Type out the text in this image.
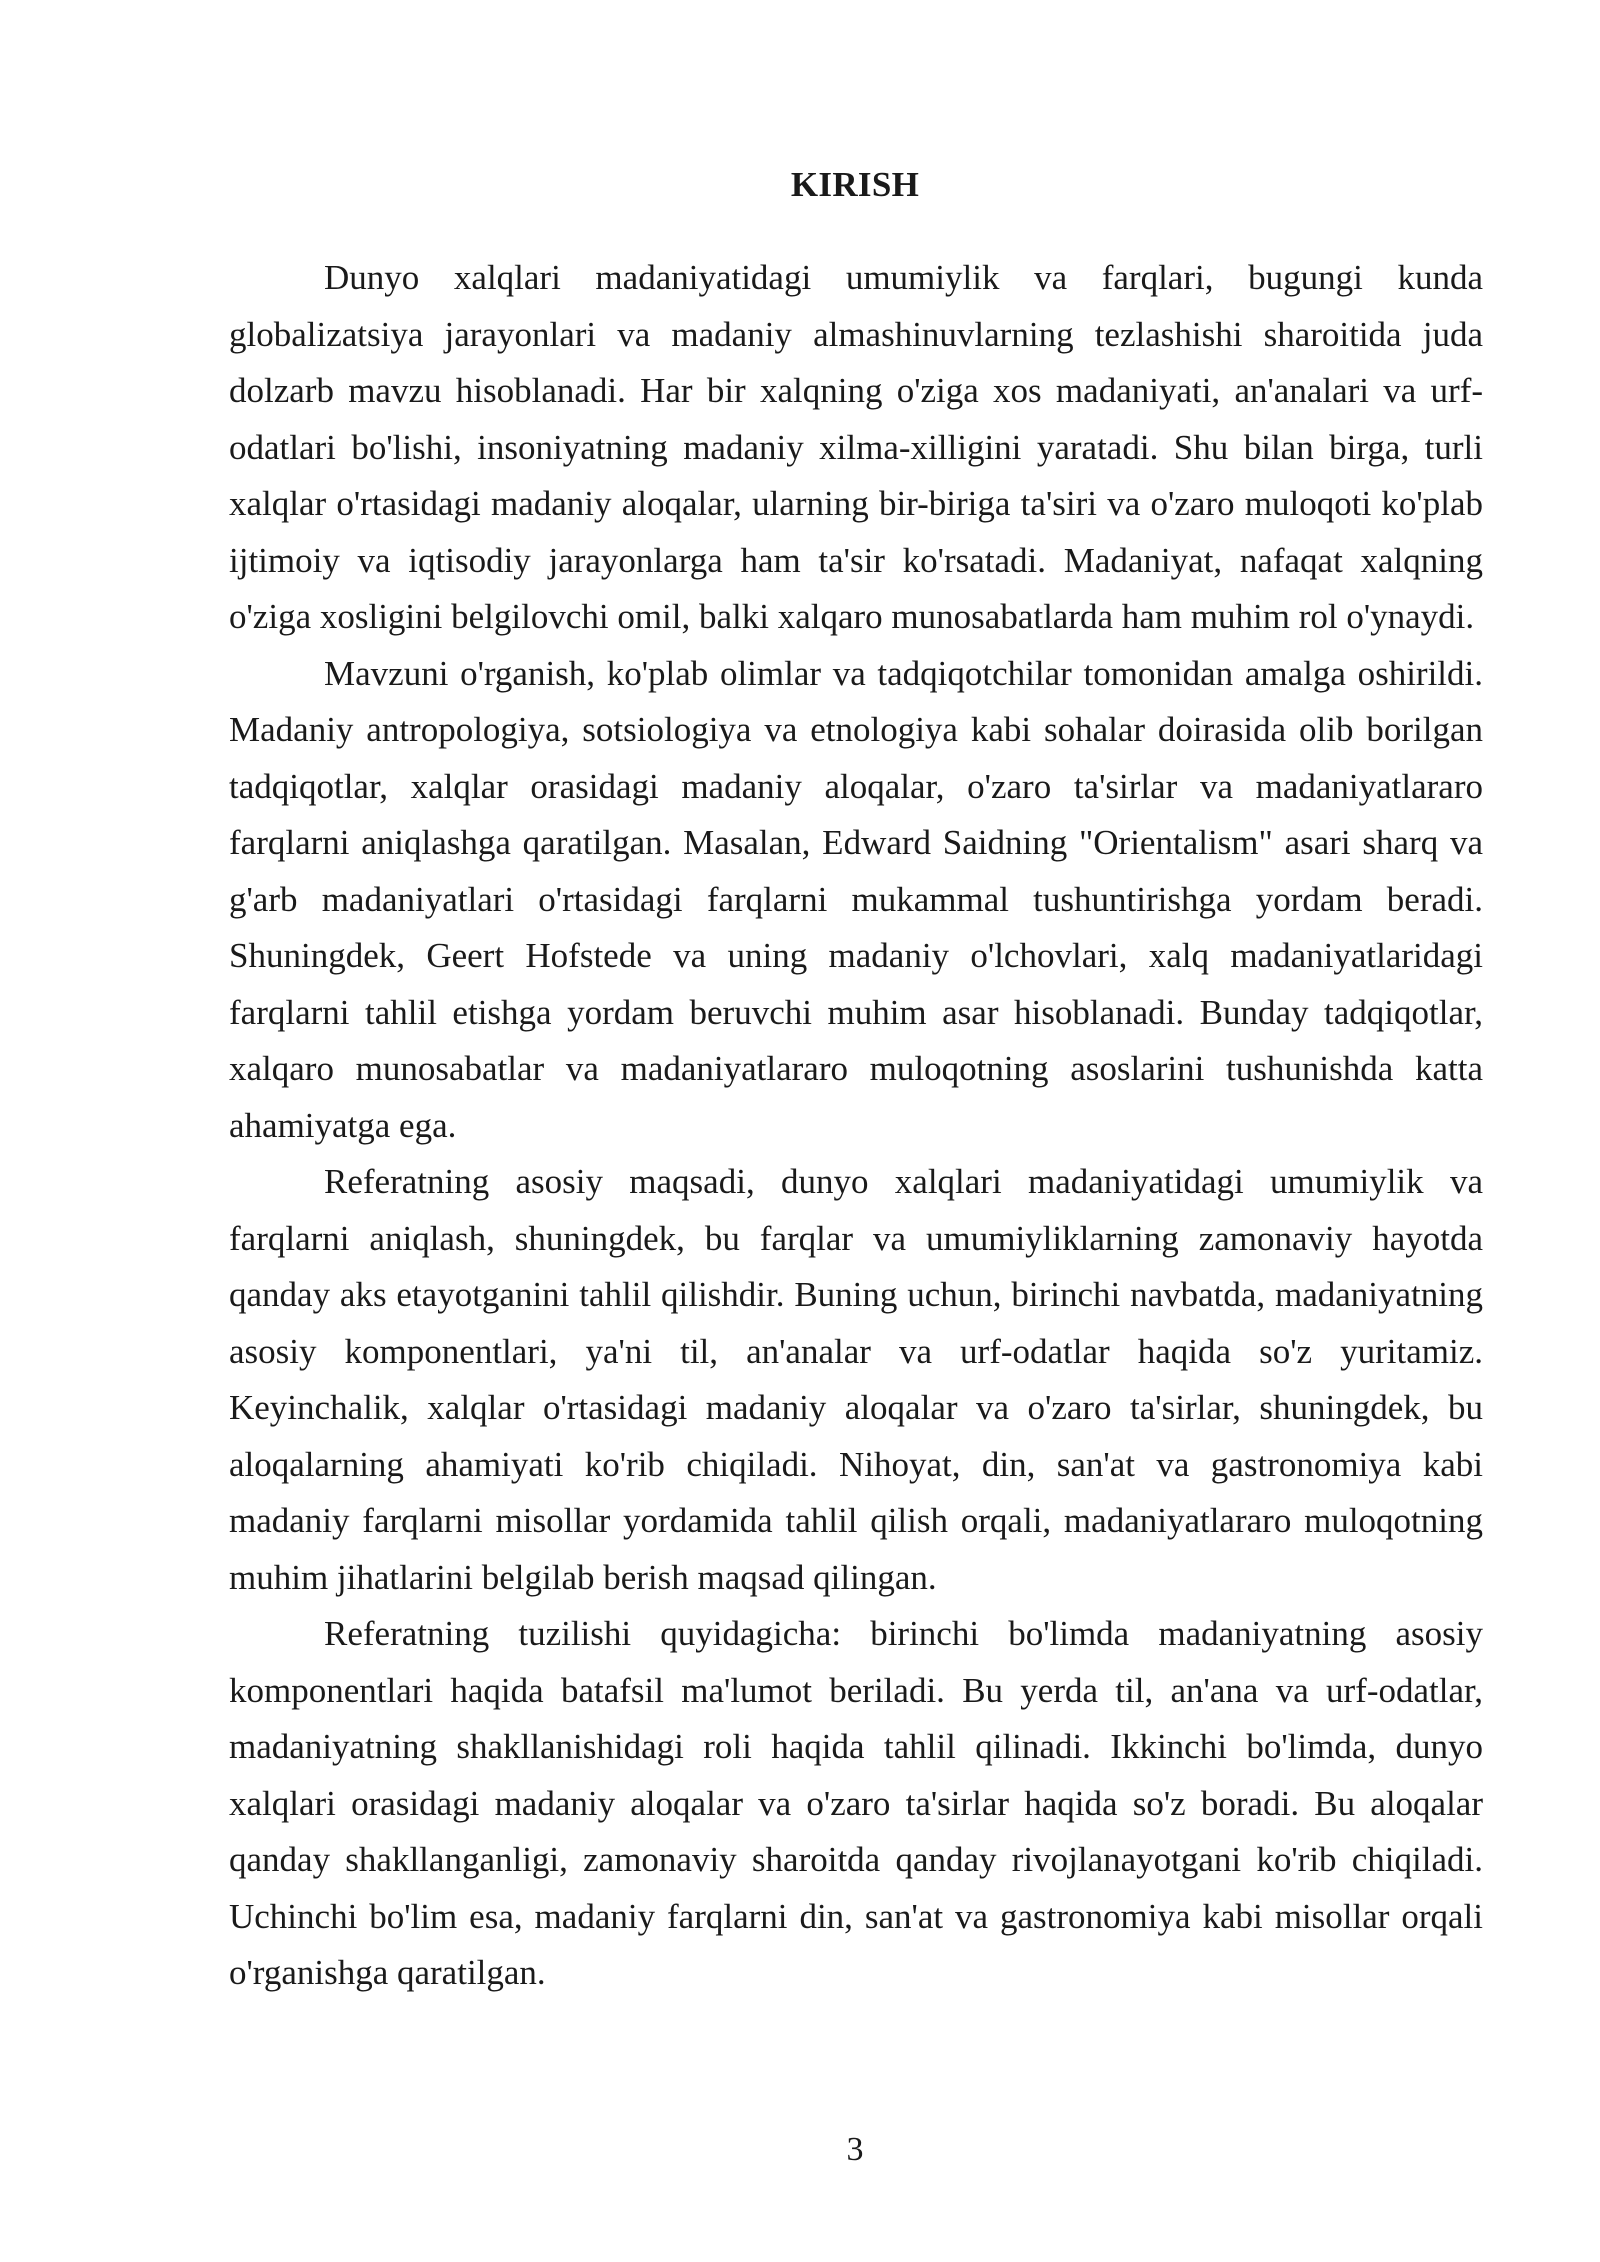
KIRISH

Dunyo xalqlari madaniyatidagi umumiylik va farqlari, bugungi kunda globalizatsiya jarayonlari va madaniy almashinuvlarning tezlashishi sharoitida juda dolzarb mavzu hisoblanadi. Har bir xalqning o'ziga xos madaniyati, an'analari va urf-odatlari bo'lishi, insoniyatning madaniy xilma-xilligini yaratadi. Shu bilan birga, turli xalqlar o'rtasidagi madaniy aloqalar, ularning bir-biriga ta'siri va o'zaro muloqoti ko'plab ijtimoiy va iqtisodiy jarayonlarga ham ta'sir ko'rsatadi. Madaniyat, nafaqat xalqning o'ziga xosligini belgilovchi omil, balki xalqaro munosabatlarda ham muhim rol o'ynaydi.

Mavzuni o'rganish, ko'plab olimlar va tadqiqotchilar tomonidan amalga oshirildi. Madaniy antropologiya, sotsiologiya va etnologiya kabi sohalar doirasida olib borilgan tadqiqotlar, xalqlar orasidagi madaniy aloqalar, o'zaro ta'sirlar va madaniyatlararo farqlarni aniqlashga qaratilgan. Masalan, Edward Saidning "Orientalism" asari sharq va g'arb madaniyatlari o'rtasidagi farqlarni mukammal tushuntirishga yordam beradi. Shuningdek, Geert Hofstede va uning madaniy o'lchovlari, xalq madaniyatlaridagi farqlarni tahlil etishga yordam beruvchi muhim asar hisoblanadi. Bunday tadqiqotlar, xalqaro munosabatlar va madaniyatlararo muloqotning asoslarini tushunishda katta ahamiyatga ega.

Referatning asosiy maqsadi, dunyo xalqlari madaniyatidagi umumiylik va farqlarni aniqlash, shuningdek, bu farqlar va umumiyliklarning zamonaviy hayotda qanday aks etayotganini tahlil qilishdir. Buning uchun, birinchi navbatda, madaniyatning asosiy komponentlari, ya'ni til, an'analar va urf-odatlar haqida so'z yuritamiz. Keyinchalik, xalqlar o'rtasidagi madaniy aloqalar va o'zaro ta'sirlar, shuningdek, bu aloqalarning ahamiyati ko'rib chiqiladi. Nihoyat, din, san'at va gastronomiya kabi madaniy farqlarni misollar yordamida tahlil qilish orqali, madaniyatlararo muloqotning muhim jihatlarini belgilab berish maqsad qilingan.

Referatning tuzilishi quyidagicha: birinchi bo'limda madaniyatning asosiy komponentlari haqida batafsil ma'lumot beriladi. Bu yerda til, an'ana va urf-odatlar, madaniyatning shakllanishidagi roli haqida tahlil qilinadi. Ikkinchi bo'limda, dunyo xalqlari orasidagi madaniy aloqalar va o'zaro ta'sirlar haqida so'z boradi. Bu aloqalar qanday shakllanganligi, zamonaviy sharoitda qanday rivojlanayotgani ko'rib chiqiladi. Uchinchi bo'lim esa, madaniy farqlarni din, san'at va gastronomiya kabi misollar orqali o'rganishga qaratilgan.

3
